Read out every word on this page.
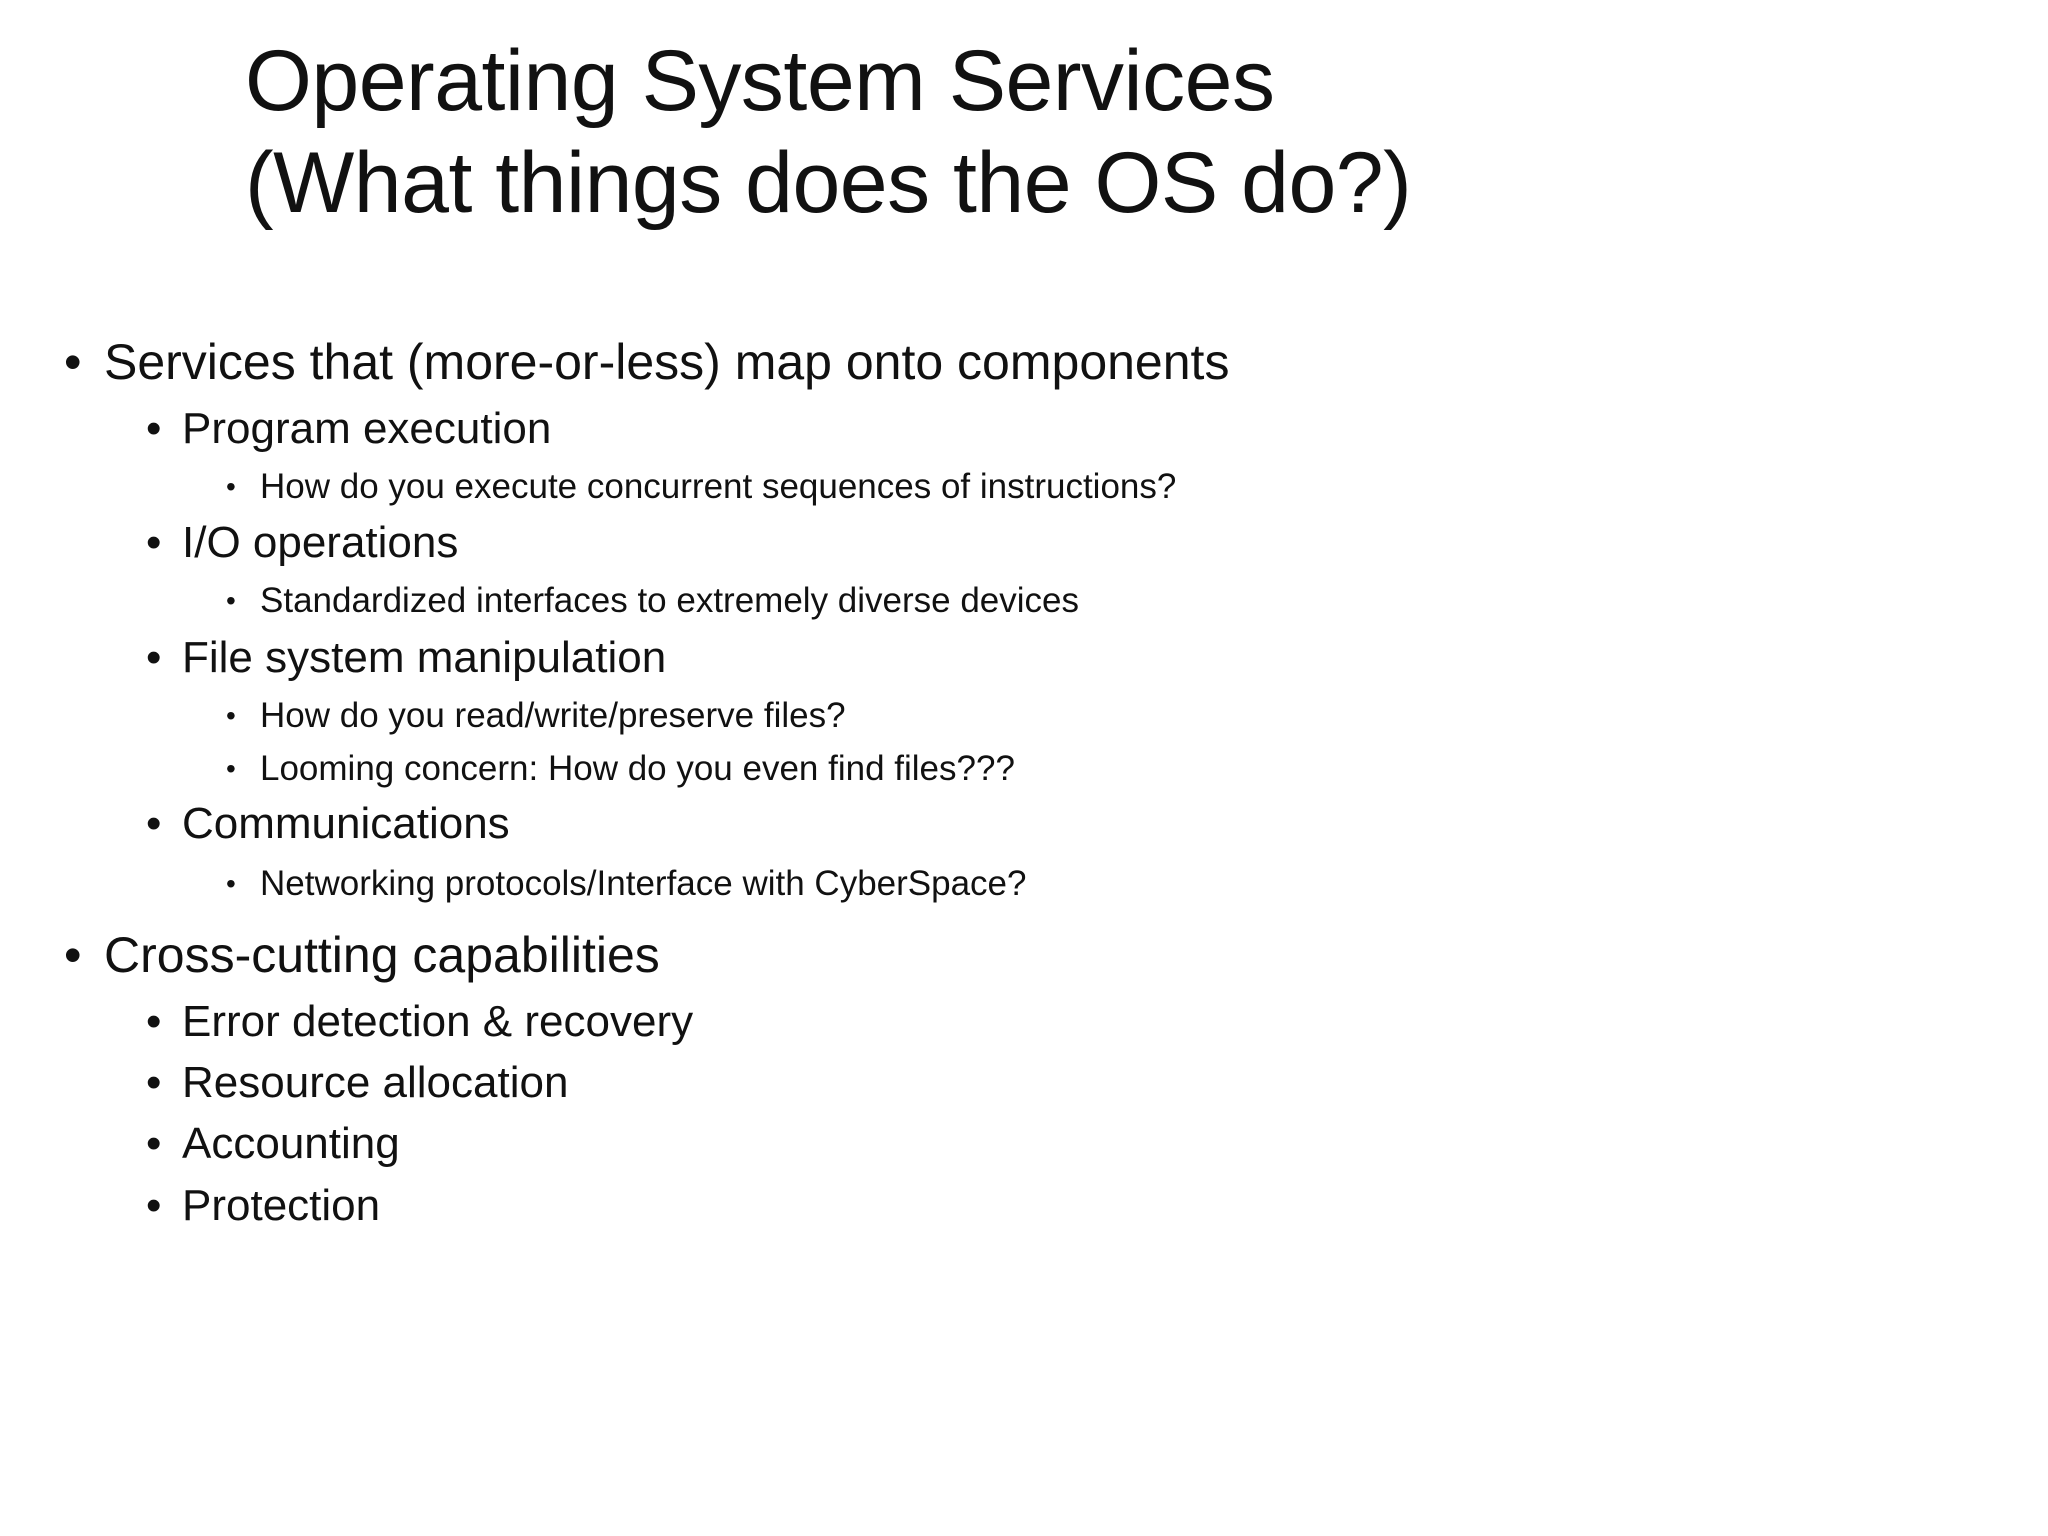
Operating System Services
(What things does the OS do?)
• Services that (more-or-less) map onto components
• Program execution
• How do you execute concurrent sequences of instructions?
• I/O operations
• Standardized interfaces to extremely diverse devices
• File system manipulation
• How do you read/write/preserve files?
• Looming concern: How do you even find files???
• Communications
• Networking protocols/Interface with CyberSpace?
• Cross-cutting capabilities
• Error detection & recovery
• Resource allocation
• Accounting
• Protection
